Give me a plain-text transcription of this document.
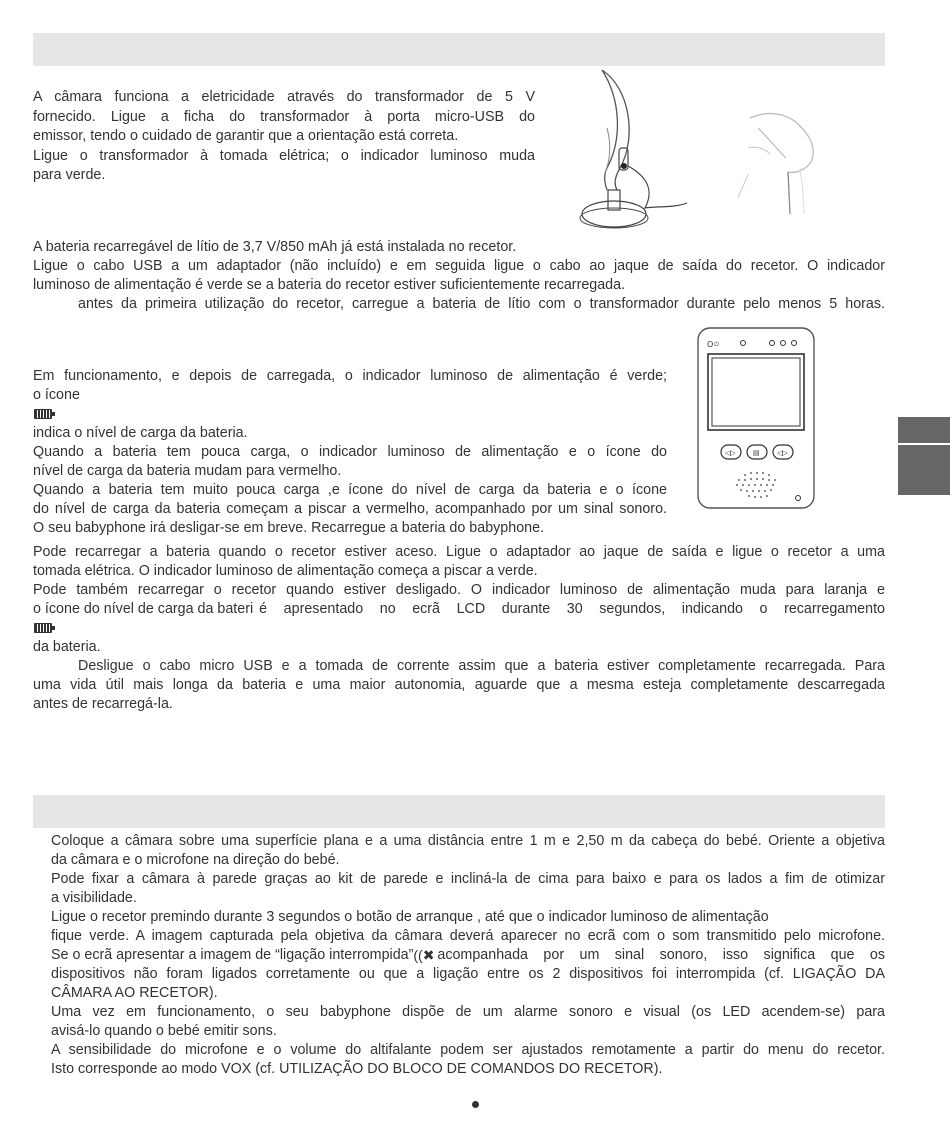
A câmara funciona a eletricidade através do transformador de 5 V
fornecido. Ligue a ficha do transformador à porta micro-USB do
emissor, tendo o cuidado de garantir que a orientação está correta.
Ligue o transformador à tomada elétrica; o indicador luminoso muda
para verde.
A bateria recarregável de lítio de 3,7 V/850 mAh já está instalada no recetor.
Ligue o cabo USB a um adaptador (não incluído) e em seguida ligue o cabo ao jaque de saída do recetor. O indicador
luminoso de alimentação é verde se a bateria do recetor estiver suficientemente recarregada.
antes da primeira utilização do recetor, carregue a bateria de lítio com o transformador durante pelo menos 5 horas.
Em funcionamento, e depois de carregada, o indicador luminoso de alimentação é verde;
o ícone
indica o nível de carga da bateria.
Quando a bateria tem pouca carga, o indicador luminoso de alimentação e o ícone do
nível de carga da bateria mudam para vermelho.
Quando a bateria tem muito pouca carga ,e ícone do nível de carga da bateria e o ícone
do nível de carga da bateria começam a piscar a vermelho, acompanhado por um sinal sonoro.
O seu babyphone irá desligar-se em breve. Recarregue a bateria do babyphone.
O ⏻
◁▷ ▤ ◁▷
Pode recarregar a bateria quando o recetor estiver aceso. Ligue o adaptador ao jaque de saída e ligue o recetor a uma
tomada elétrica. O indicador luminoso de alimentação começa a piscar a verde.
Pode também recarregar o recetor quando estiver desligado. O indicador luminoso de alimentação muda para laranja e
o ícone do nível de carga da bateri é apresentado no ecrã LCD durante 30 segundos, indicando o recarregamento
da bateria.
Desligue o cabo micro USB e a tomada de corrente assim que a bateria estiver completamente recarregada. Para
uma vida útil mais longa da bateria e uma maior autonomia, aguarde que a mesma esteja completamente descarregada
antes de recarregá-la.
Coloque a câmara sobre uma superfície plana e a uma distância entre 1 m e 2,50 m da cabeça do bebé. Oriente a objetiva
da câmara e o microfone na direção do bebé.
Pode fixar a câmara à parede graças ao kit de parede e incliná-la de cima para baixo e para os lados a fim de otimizar
a visibilidade.
Ligue o recetor premindo durante 3 segundos o botão de arranque , até que o indicador luminoso de alimentação
fique verde. A imagem capturada pela objetiva da câmara deverá aparecer no ecrã com o som transmitido pelo microfone.
Se o ecrã apresentar a imagem de “ligação interrompida” ((✖ acompanhada por um sinal sonoro, isso significa que os
dispositivos não foram ligados corretamente ou que a ligação entre os 2 dispositivos foi interrompida (cf. LIGAÇÃO DA
CÂMARA AO RECETOR).
Uma vez em funcionamento, o seu babyphone dispõe de um alarme sonoro e visual (os LED acendem-se) para
avisá-lo quando o bebé emitir sons.
A sensibilidade do microfone e o volume do altifalante podem ser ajustados remotamente a partir do menu do recetor.
Isto corresponde ao modo VOX (cf. UTILIZAÇÃO DO BLOCO DE COMANDOS DO RECETOR).
